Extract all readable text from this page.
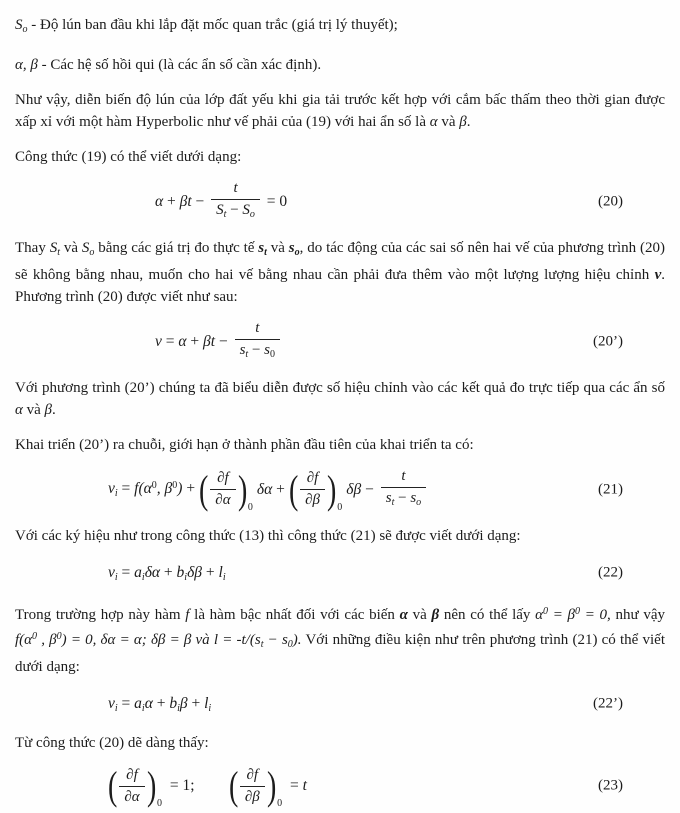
$S_o$ - Độ lún ban đầu khi lắp đặt mốc quan trắc (giá trị lý thuyết);

α, β - Các hệ số hồi qui (là các ẩn số cần xác định).

Như vậy, diễn biến độ lún của lớp đất yếu khi gia tải trước kết hợp với cắm bấc thấm theo thời gian được xấp xỉ với một hàm Hyperbolic như vế phải của (19) với hai ẩn số là α và β.

Công thức (19) có thể viết dưới dạng:

$\alpha + \beta t - \frac{t}{S_t - S_o} = 0$	(20)

Thay $S_t$ và $S_o$ bằng các giá trị đo thực tế $s_t$ và $s_o$, do tác động của các sai số nên hai vế của phương trình (20) sẽ không bằng nhau, muốn cho hai vế bằng nhau cần phải đưa thêm vào một lượng lượng hiệu chỉnh v. Phương trình (20) được viết như sau:

$v = \alpha + \beta t - \frac{t}{s_t - s_0}$	(20’)

Với phương trình (20’) chúng ta đã biểu diễn được số hiệu chỉnh vào các kết quả đo trực tiếp qua các ẩn số α và β.

Khai triển (20’) ra chuỗi, giới hạn ở thành phần đầu tiên của khai triển ta có:

vi = $f(\alpha^0$, $\beta^0$) + ( $\frac{\partial f}{\partial\alpha}$ ) 0
δα + ( $\frac{\partial f}{\partial\beta}$ ) 0
$\delta\beta - \frac{t}{s_t - s_o}$	(21)

Với các ký hiệu như trong công thức (13) thì công thức (21) sẽ được viết dưới dạng:

vi = aiδα + biδβ + li	(22)

Trong trường hợp này hàm f là hàm bậc nhất đối với các biến α và β nên có thể lấy $\alpha^0 = \beta^0 = 0$, như vậy $f(\alpha^0$ , $\beta^0) = 0$, δα = α; δβ = β và $l = -t/(s_t - s_0)$. Với những điều kiện như trên phương trình (21) có thể viết dưới dạng:

vi = aiα + biβ + li	(22’)

Từ công thức (20) dẽ dàng thấy:

( $\frac{\partial f}{\partial\alpha}$ ) 0
= 1; ( $\frac{\partial f}{\partial\beta}$ ) 0
= t	(23)
